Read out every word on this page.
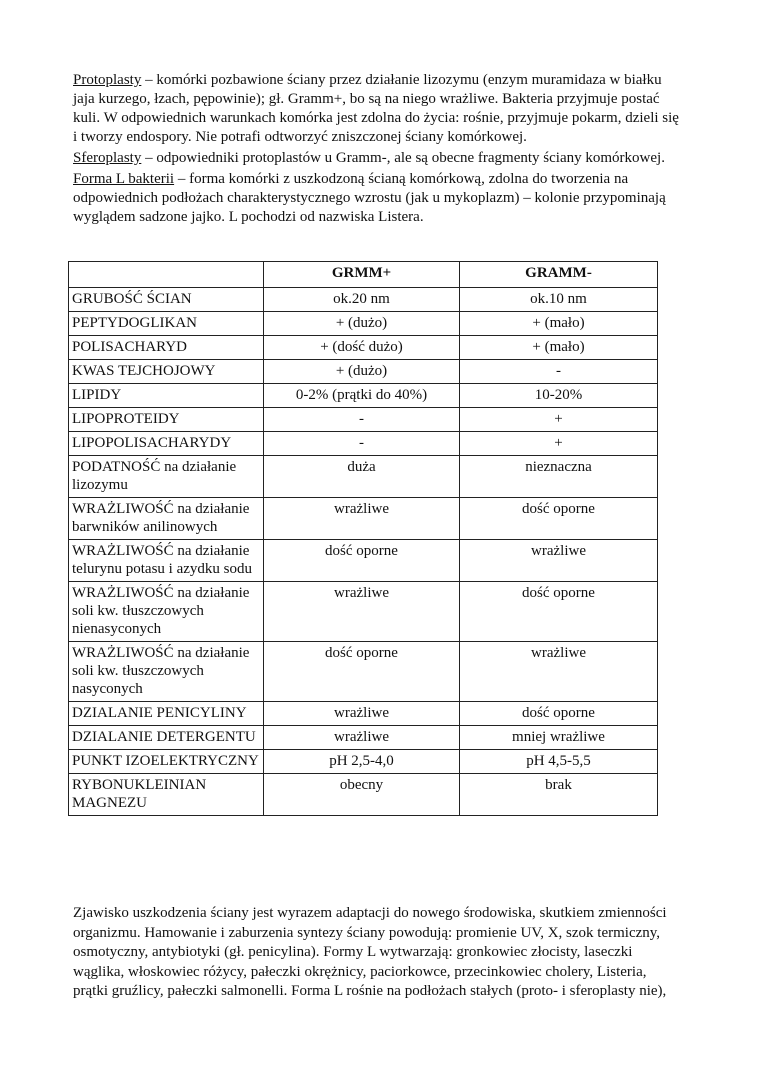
Protoplasty – komórki pozbawione ściany przez działanie lizozymu (enzym muramidaza w białku jaja kurzego, łzach, pępowinie); gł. Gramm+, bo są na niego wrażliwe. Bakteria przyjmuje postać kuli. W odpowiednich warunkach komórka jest zdolna do życia: rośnie, przyjmuje pokarm, dzieli się i tworzy endospory. Nie potrafi odtworzyć zniszczonej ściany komórkowej.

Sferoplasty – odpowiedniki protoplastów u Gramm-, ale są obecne fragmenty ściany komórkowej.

Forma L bakterii – forma komórki z uszkodzoną ścianą komórkową, zdolna do tworzenia na odpowiednich podłożach charakterystycznego wzrostu (jak u mykoplazm) – kolonie przypominają wyglądem sadzone jajko. L pochodzi od nazwiska Listera.

	GRMM+	GRAMM-
GRUBOŚĆ ŚCIAN	ok.20 nm	ok.10 nm
PEPTYDOGLIKAN	+ (dużo)	+ (mało)
POLISACHARYD	+ (dość dużo)	+ (mało)
KWAS TEJCHOJOWY	+ (dużo)	-
LIPIDY	0-2% (prątki do 40%)	10-20%
LIPOPROTEIDY	-	+
LIPOPOLISACHARYDY	-	+
PODATNOŚĆ na działanie lizozymu	duża	nieznaczna
WRAŻLIWOŚĆ na działanie barwników anilinowych	wrażliwe	dość oporne
WRAŻLIWOŚĆ na działanie telurynu potasu i azydku sodu	dość oporne	wrażliwe
WRAŻLIWOŚĆ na działanie soli kw. tłuszczowych nienasyconych	wrażliwe	dość oporne
WRAŻLIWOŚĆ na działanie soli kw. tłuszczowych nasyconych	dość oporne	wrażliwe
DZIALANIE PENICYLINY	wrażliwe	dość oporne
DZIALANIE DETERGENTU	wrażliwe	mniej wrażliwe
PUNKT IZOELEKTRYCZNY	pH 2,5-4,0	pH 4,5-5,5
RYBONUKLEINIAN MAGNEZU	obecny	brak

Zjawisko uszkodzenia ściany jest wyrazem adaptacji do nowego środowiska, skutkiem zmienności organizmu. Hamowanie i zaburzenia syntezy ściany powodują: promienie UV, X, szok termiczny, osmotyczny, antybiotyki (gł. penicylina). Formy L wytwarzają: gronkowiec złocisty, laseczki wąglika, włoskowiec różycy, pałeczki okrężnicy, paciorkowce, przecinkowiec cholery, Listeria, prątki gruźlicy, pałeczki salmonelli. Forma L rośnie na podłożach stałych (proto- i sferoplasty nie),
